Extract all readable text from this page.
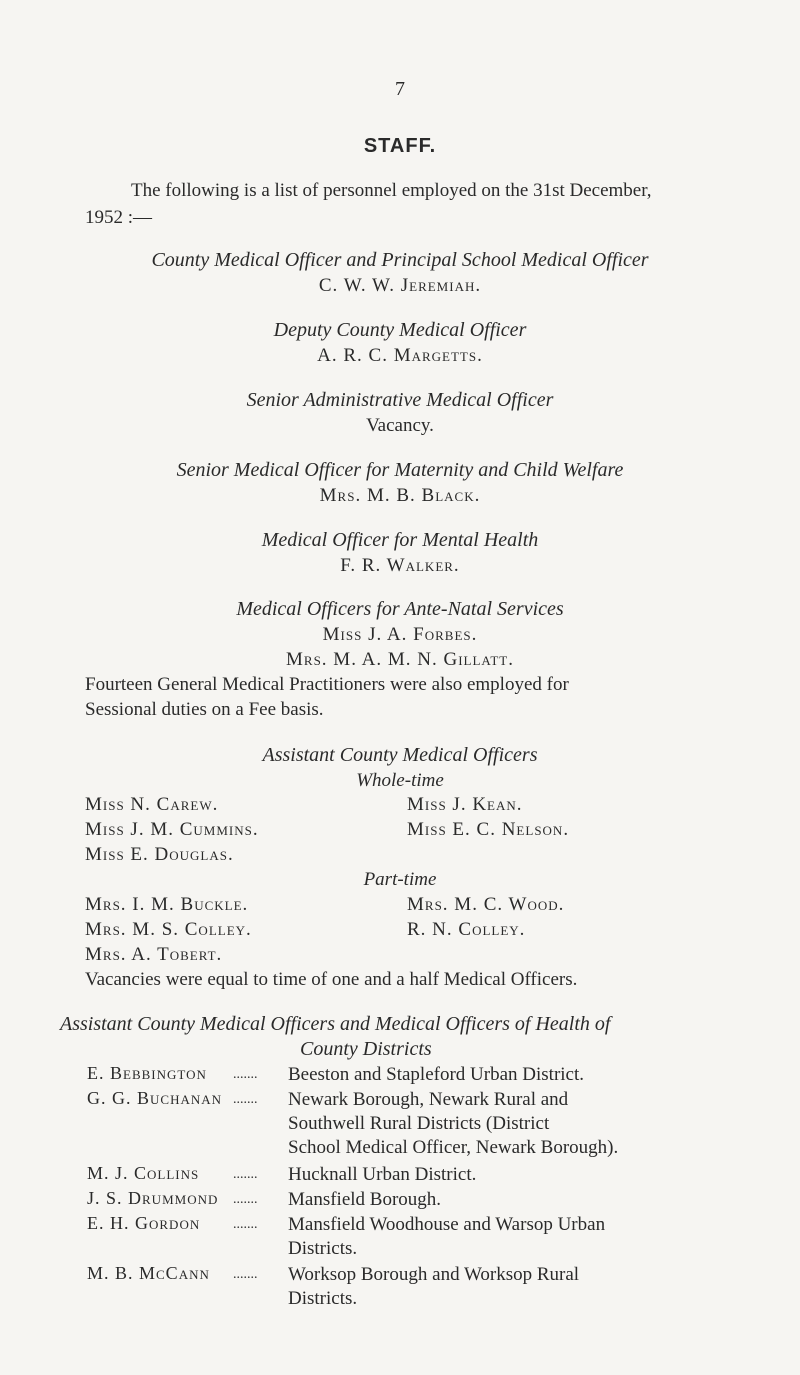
7
STAFF.
The following is a list of personnel employed on the 31st December,
1952 :—
County Medical Officer and Principal School Medical Officer
C. W. W. Jeremiah.
Deputy County Medical Officer
A. R. C. Margetts.
Senior Administrative Medical Officer
Vacancy.
Senior Medical Officer for Maternity and Child Welfare
Mrs. M. B. Black.
Medical Officer for Mental Health
F. R. Walker.
Medical Officers for Ante-Natal Services
Miss J. A. Forbes.
Mrs. M. A. M. N. Gillatt.
Fourteen General Medical Practitioners were also employed for
Sessional duties on a Fee basis.
Assistant County Medical Officers
Whole-time
Miss N. Carew.
Miss J. M. Cummins.
Miss E. Douglas.
Miss J. Kean.
Miss E. C. Nelson.
Part-time
Mrs. I. M. Buckle.
Mrs. M. S. Colley.
Mrs. A. Tobert.
Mrs. M. C. Wood.
R. N. Colley.
Vacancies were equal to time of one and a half Medical Officers.
Assistant County Medical Officers and Medical Officers of Health of
County Districts
E. Bebbington ....... Beeston and Stapleford Urban District.
G. G. Buchanan ....... Newark Borough, Newark Rural and
Southwell Rural Districts (District
School Medical Officer, Newark Borough).
M. J. Collins ....... Hucknall Urban District.
J. S. Drummond ....... Mansfield Borough.
E. H. Gordon ....... Mansfield Woodhouse and Warsop Urban
Districts.
M. B. McCann ....... Worksop Borough and Worksop Rural
Districts.
